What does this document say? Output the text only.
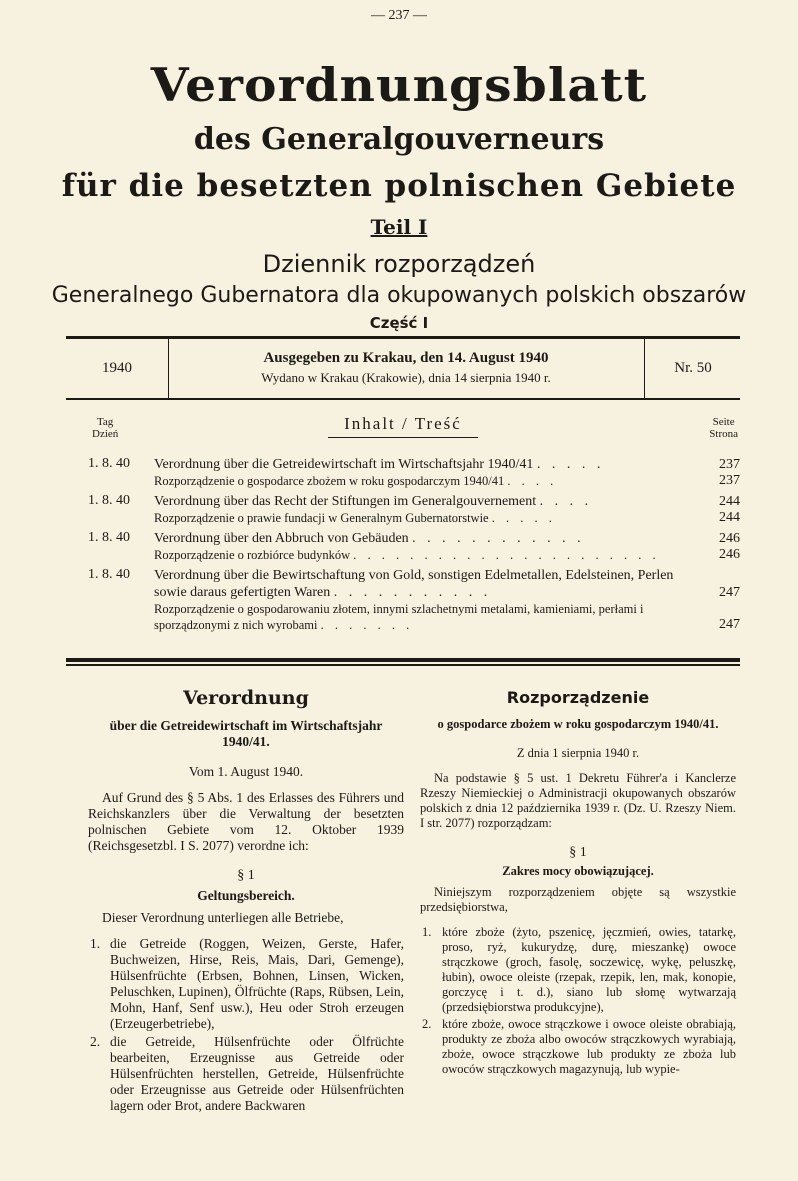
— 237 —
Verordnungsblatt
des Generalgouverneurs
für die besetzten polnischen Gebiete
Teil I
Dziennik rozporządzeń
Generalnego Gubernatora dla okupowanych polskich obszarów
Część I
1940
Ausgegeben zu Krakau, den 14. August 1940
Wydano w Krakau (Krakowie), dnia 14 sierpnia 1940 r.
Nr. 50
Tag
Dzień
Inhalt / Treść	Seite
Strona
1. 8. 40 Verordnung über die Getreidewirtschaft im Wirtschaftsjahr 1940/41 . . . . .	237
Rozporządzenie o gospodarce zbożem w roku gospodarczym 1940/41 . . . .	237
1. 8. 40 Verordnung über das Recht der Stiftungen im Generalgouvernement . . . .	244
Rozporządzenie o prawie fundacji w Generalnym Gubernatorstwie . . . . .	244
1. 8. 40 Verordnung über den Abbruch von Gebäuden . . . . . . . . . . . .	246
Rozporządzenie o rozbiórce budynków . . . . . . . . . . . . . . . . . . . . . .	246
1. 8. 40 Verordnung über die Bewirtschaftung von Gold, sonstigen Edelmetallen, Edelsteinen, Perlen sowie daraus gefertigten Waren . . . . . . . . . . .	247
Rozporządzenie o gospodarowaniu złotem, innymi szlachetnymi metalami, kamieniami, perłami i sporządzonymi z nich wyrobami . . . . . . .	247
Verordnung
über die Getreidewirtschaft im Wirtschaftsjahr 1940/41.
Vom 1. August 1940.
Auf Grund des § 5 Abs. 1 des Erlasses des Führers und Reichskanzlers über die Verwaltung der besetzten polnischen Gebiete vom 12. Oktober 1939 (Reichsgesetzbl. I S. 2077) verordne ich:
§ 1
Geltungsbereich.
Dieser Verordnung unterliegen alle Betriebe,
1. die Getreide (Roggen, Weizen, Gerste, Hafer, Buchweizen, Hirse, Reis, Mais, Dari, Gemenge), Hülsenfrüchte (Erbsen, Bohnen, Linsen, Wicken, Peluschken, Lupinen), Ölfrüchte (Raps, Rübsen, Lein, Mohn, Hanf, Senf usw.), Heu oder Stroh erzeugen (Erzeugerbetriebe),
2. die Getreide, Hülsenfrüchte oder Ölfrüchte bearbeiten, Erzeugnisse aus Getreide oder Hülsenfrüchten herstellen, Getreide, Hülsenfrüchte oder Erzeugnisse aus Getreide oder Hülsenfrüchten lagern oder Brot, andere Backwaren
Rozporządzenie
o gospodarce zbożem w roku gospodarczym 1940/41.
Z dnia 1 sierpnia 1940 r.
Na podstawie § 5 ust. 1 Dekretu Führer'a i Kanclerze Rzeszy Niemieckiej o Administracji okupowanych obszarów polskich z dnia 12 października 1939 r. (Dz. U. Rzeszy Niem. I str. 2077) rozporządzam:
§ 1
Zakres mocy obowiązującej.
Niniejszym rozporządzeniem objęte są wszystkie przedsiębiorstwa,
1. które zboże (żyto, pszenicę, jęczmień, owies, tatarkę, proso, ryż, kukurydzę, durę, mieszankę) owoce strączkowe (groch, fasolę, soczewicę, wykę, peluszkę, łubin), owoce oleiste (rzepak, rzepik, len, mak, konopie, gorczycę i t. d.), siano lub słomę wytwarzają (przedsiębiorstwa produkcyjne),
2. które zboże, owoce strączkowe i owoce oleiste obrabiają, produkty ze zboża albo owoców strączkowych wyrabiają, zboże, owoce strączkowe lub produkty ze zboża lub owoców strączkowych magazynują, lub wypie-
